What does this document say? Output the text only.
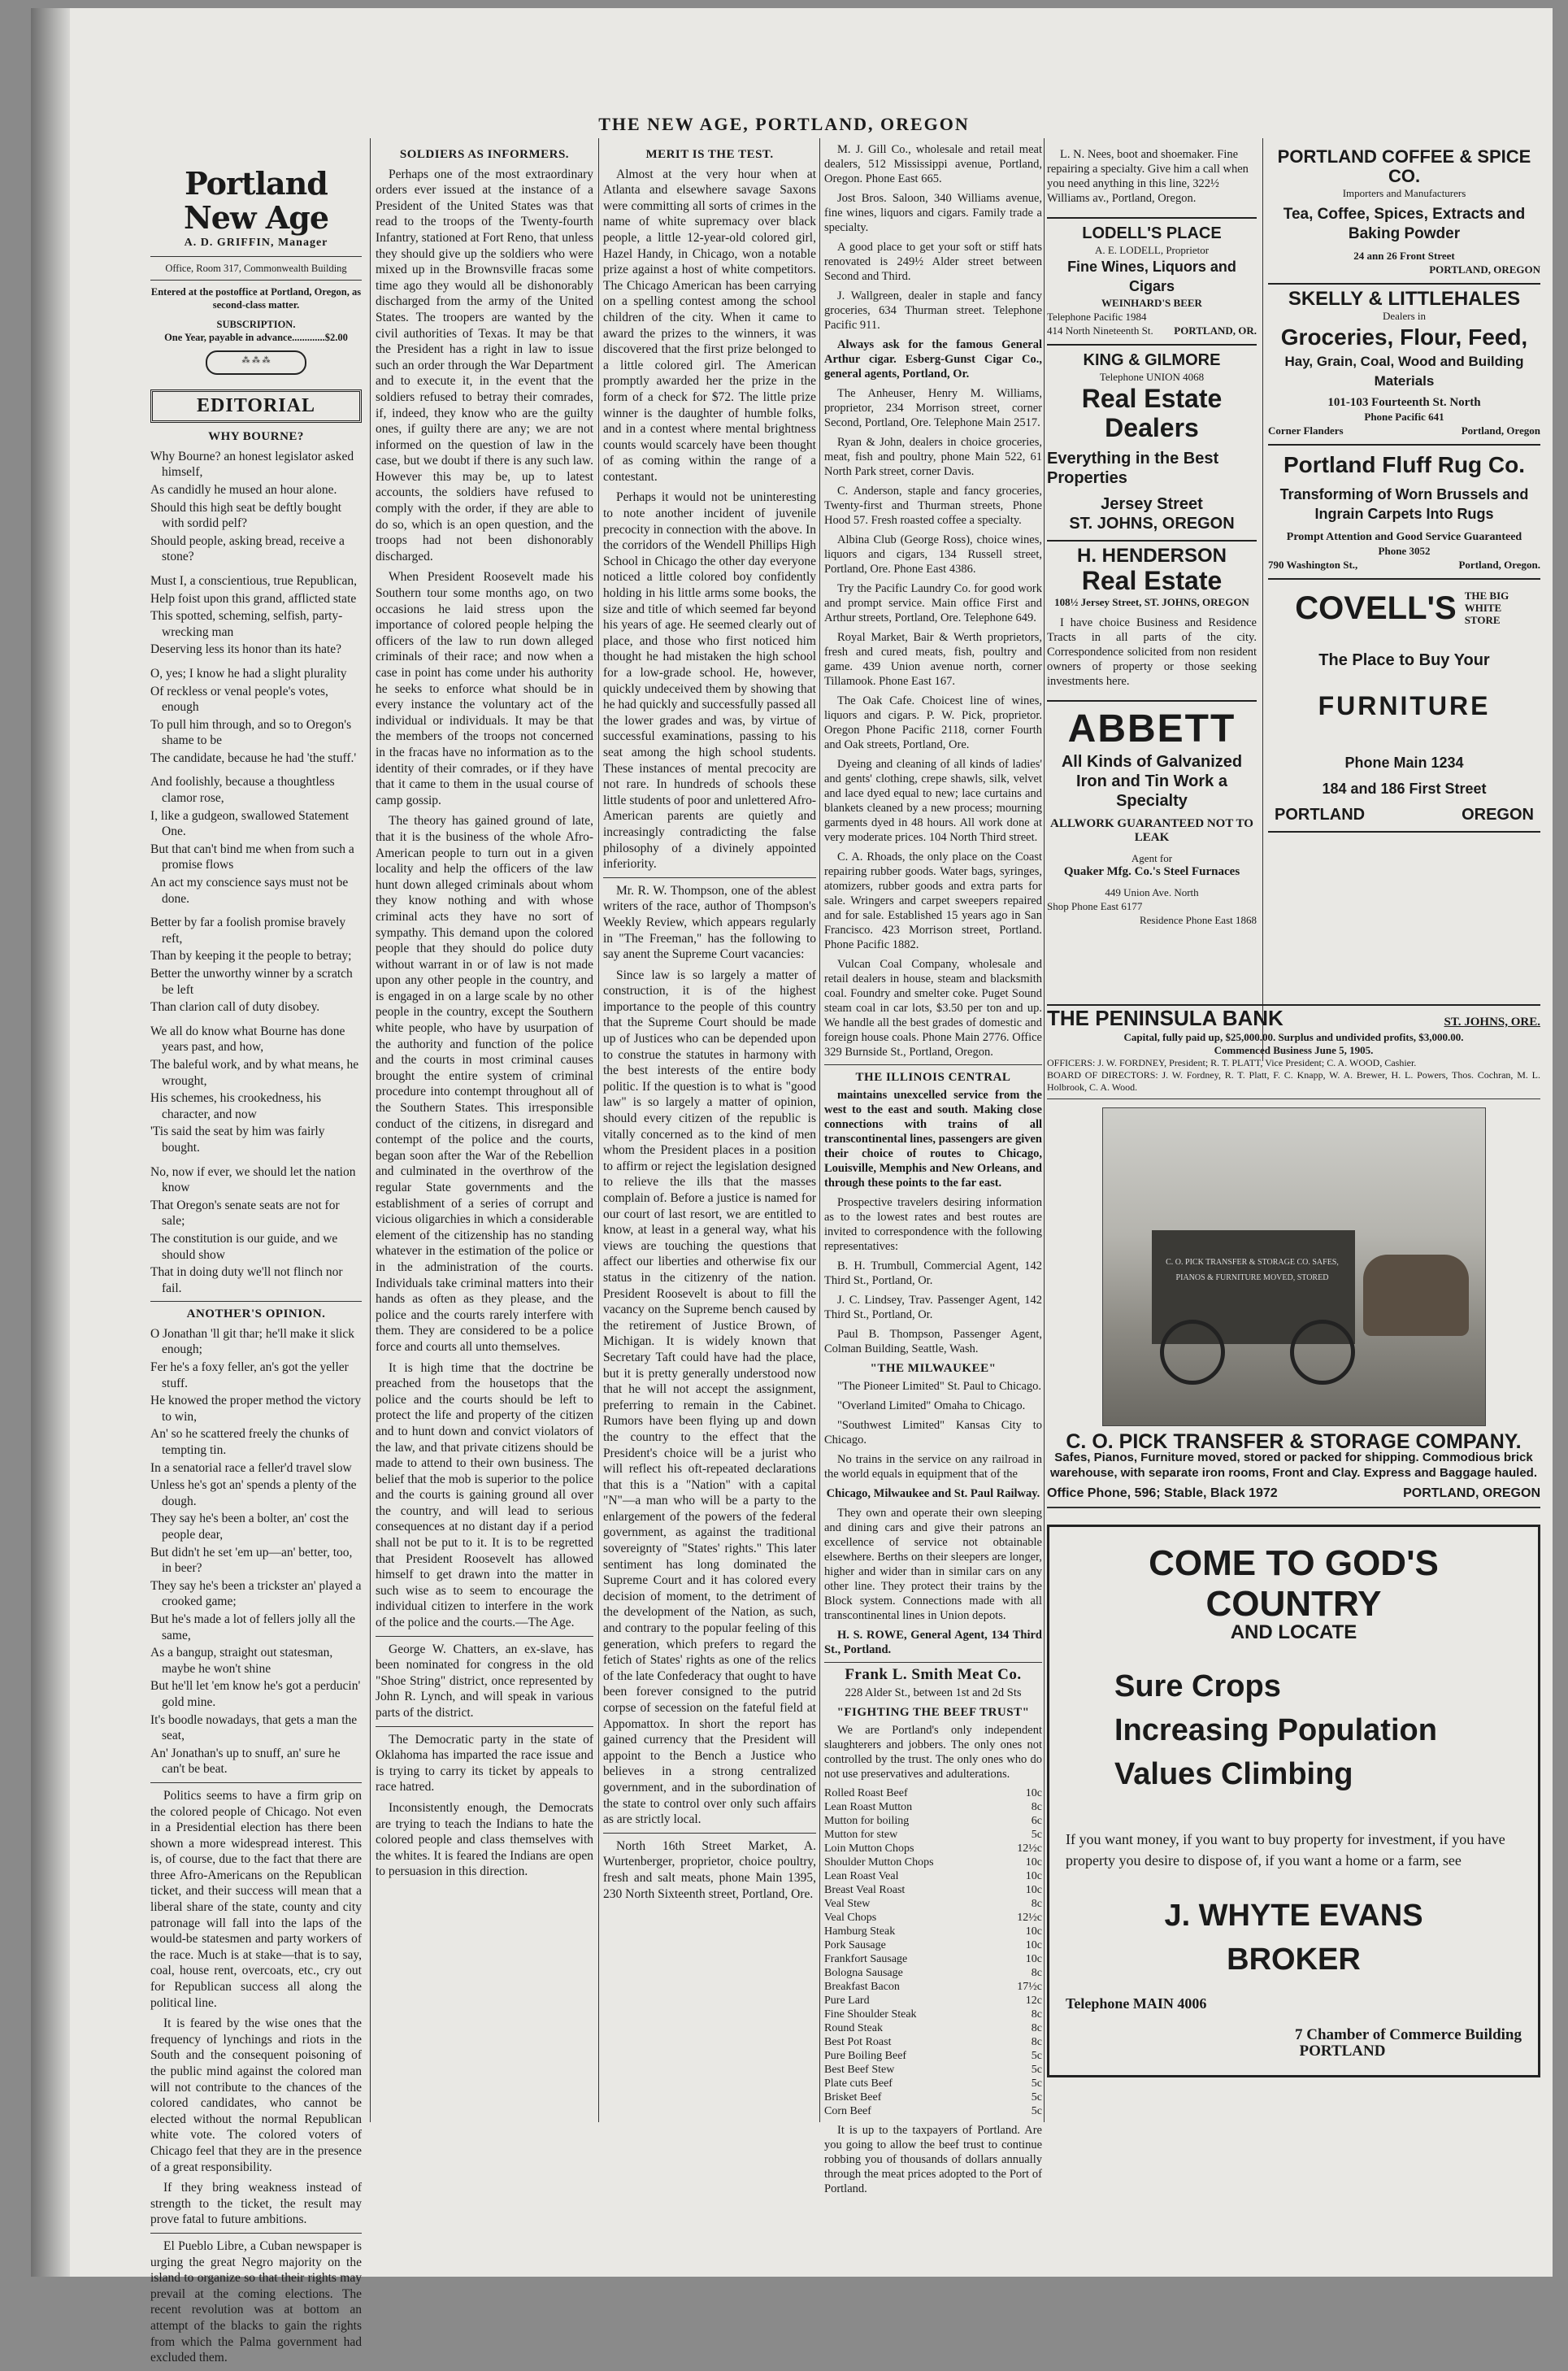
THE NEW AGE, PORTLAND, OREGON
Portland New Age
A. D. GRIFFIN, Manager
Office, Room 317, Commonwealth Building
Entered at the postoffice at Portland, Oregon, as second-class matter.
SUBSCRIPTION.
One Year, payable in advance.............$2.00
⁂ ⁂ ⁂
EDITORIAL
WHY BOURNE?

Why Bourne? an honest legislator asked himself,

As candidly he mused an hour alone.

Should this high seat be deftly bought with sordid pelf?

Should people, asking bread, receive a stone?

Must I, a conscientious, true Republican,

Help foist upon this grand, afflicted state

This spotted, scheming, selfish, party-wrecking man

Deserving less its honor than its hate?

O, yes; I know he had a slight plurality

Of reckless or venal people's votes, enough

To pull him through, and so to Oregon's shame to be

The candidate, because he had 'the stuff.'

And foolishly, because a thoughtless clamor rose,

I, like a gudgeon, swallowed Statement One.

But that can't bind me when from such a promise flows

An act my conscience says must not be done.

Better by far a foolish promise bravely reft,

Than by keeping it the people to betray;

Better the unworthy winner by a scratch be left

Than clarion call of duty disobey.

We all do know what Bourne has done years past, and how,

The baleful work, and by what means, he wrought,

His schemes, his crookedness, his character, and now

'Tis said the seat by him was fairly bought.

No, now if ever, we should let the nation know

That Oregon's senate seats are not for sale;

The constitution is our guide, and we should show

That in doing duty we'll not flinch nor fail.

ANOTHER'S OPINION.

O Jonathan 'll git thar; he'll make it slick enough;

Fer he's a foxy feller, an's got the yeller stuff.

He knowed the proper method the victory to win,

An' so he scattered freely the chunks of tempting tin.

In a senatorial race a feller'd travel slow

Unless he's got an' spends a plenty of the dough.

They say he's been a bolter, an' cost the people dear,

But didn't he set 'em up—an' better, too, in beer?

They say he's been a trickster an' played a crooked game;

But he's made a lot of fellers jolly all the same,

As a bangup, straight out statesman, maybe he won't shine

But he'll let 'em know he's got a perducin' gold mine.

It's boodle nowadays, that gets a man the seat,

An' Jonathan's up to snuff, an' sure he can't be beat.

Politics seems to have a firm grip on the colored people of Chicago. Not even in a Presidential election has there been shown a more widespread interest. This is, of course, due to the fact that there are three Afro-Americans on the Republican ticket, and their success will mean that a liberal share of the state, county and city patronage will fall into the laps of the would-be statesmen and party workers of the race. Much is at stake—that is to say, coal, house rent, overcoats, etc., cry out for Republican success all along the political line.

It is feared by the wise ones that the frequency of lynchings and riots in the South and the consequent poisoning of the public mind against the colored man will not contribute to the chances of the colored candidates, who cannot be elected without the normal Republican white vote. The colored voters of Chicago feel that they are in the presence of a great responsibility.

If they bring weakness instead of strength to the ticket, the result may prove fatal to future ambitions.

El Pueblo Libre, a Cuban newspaper is urging the great Negro majority on the island to organize so that their rights may prevail at the coming elections. The recent revolution was at bottom an attempt of the blacks to gain the rights from which the Palma government had excluded them.

SOLDIERS AS INFORMERS.

Perhaps one of the most extraordinary orders ever issued at the instance of a President of the United States was that read to the troops of the Twenty-fourth Infantry, stationed at Fort Reno, that unless they should give up the soldiers who were mixed up in the Brownsville fracas some time ago they would all be dishonorably discharged from the army of the United States. The troopers are wanted by the civil authorities of Texas. It may be that the President has a right in law to issue such an order through the War Department and to execute it, in the event that the soldiers refused to betray their comrades, if, indeed, they know who are the guilty ones, if guilty there are any; we are not informed on the question of law in the case, but we doubt if there is any such law. However this may be, up to latest accounts, the soldiers have refused to comply with the order, if they are able to do so, which is an open question, and the troops had not been dishonorably discharged.

When President Roosevelt made his Southern tour some months ago, on two occasions he laid stress upon the importance of colored people helping the officers of the law to run down alleged criminals of their race; and now when a case in point has come under his authority he seeks to enforce what should be in every instance the voluntary act of the individual or individuals. It may be that the members of the troops not concerned in the fracas have no information as to the identity of their comrades, or if they have that it came to them in the usual course of camp gossip.

The theory has gained ground of late, that it is the business of the whole Afro-American people to turn out in a given locality and help the officers of the law hunt down alleged criminals about whom they know nothing and with whose criminal acts they have no sort of sympathy. This demand upon the colored people that they should do police duty without warrant in or of law is not made upon any other people in the country, and is engaged in on a large scale by no other people in the country, except the Southern white people, who have by usurpation of the authority and function of the police and the courts in most criminal causes brought the entire system of criminal procedure into contempt throughout all of the Southern States. This irresponsible conduct of the citizens, in disregard and contempt of the police and the courts, began soon after the War of the Rebellion and culminated in the overthrow of the regular State governments and the establishment of a series of corrupt and vicious oligarchies in which a considerable element of the citizenship has no standing whatever in the estimation of the police or in the administration of the courts. Individuals take criminal matters into their hands as often as they please, and the police and the courts rarely interfere with them. They are considered to be a police force and courts all unto themselves.

It is high time that the doctrine be preached from the housetops that the police and the courts should be left to protect the life and property of the citizen and to hunt down and convict violators of the law, and that private citizens should be made to attend to their own business. The belief that the mob is superior to the police and the courts is gaining ground all over the country, and will lead to serious consequences at no distant day if a period shall not be put to it. It is to be regretted that President Roosevelt has allowed himself to get drawn into the matter in such wise as to seem to encourage the individual citizen to interfere in the work of the police and the courts.—The Age.

George W. Chatters, an ex-slave, has been nominated for congress in the old "Shoe String" district, once represented by John R. Lynch, and will speak in various parts of the district.

The Democratic party in the state of Oklahoma has imparted the race issue and is trying to carry its ticket by appeals to race hatred.

Inconsistently enough, the Democrats are trying to teach the Indians to hate the colored people and class themselves with the whites. It is feared the Indians are open to persuasion in this direction.

MERIT IS THE TEST.

Almost at the very hour when at Atlanta and elsewhere savage Saxons were committing all sorts of crimes in the name of white supremacy over black people, a little 12-year-old colored girl, Hazel Handy, in Chicago, won a notable prize against a host of white competitors. The Chicago American has been carrying on a spelling contest among the school children of the city. When it came to award the prizes to the winners, it was discovered that the first prize belonged to a little colored girl. The American promptly awarded her the prize in the form of a check for $72. The little prize winner is the daughter of humble folks, and in a contest where mental brightness counts would scarcely have been thought of as coming within the range of a contestant.

Perhaps it would not be uninteresting to note another incident of juvenile precocity in connection with the above. In the corridors of the Wendell Phillips High School in Chicago the other day everyone noticed a little colored boy confidently holding in his little arms some books, the size and title of which seemed far beyond his years of age. He seemed clearly out of place, and those who first noticed him thought he had mistaken the high school for a low-grade school. He, however, quickly undeceived them by showing that he had quickly and successfully passed all the lower grades and was, by virtue of successful examinations, passing to his seat among the high school students. These instances of mental precocity are not rare. In hundreds of schools these little students of poor and unlettered Afro-American parents are quietly and increasingly contradicting the false philosophy of a divinely appointed inferiority.

Mr. R. W. Thompson, one of the ablest writers of the race, author of Thompson's Weekly Review, which appears regularly in "The Freeman," has the following to say anent the Supreme Court vacancies:

Since law is so largely a matter of construction, it is of the highest importance to the people of this country that the Supreme Court should be made up of Justices who can be depended upon to construe the statutes in harmony with the best interests of the entire body politic. If the question is to what is "good law" is so largely a matter of opinion, should every citizen of the republic is vitally concerned as to the kind of men whom the President places in a position to affirm or reject the legislation designed to relieve the ills that the masses complain of. Before a justice is named for our court of last resort, we are entitled to know, at least in a general way, what his views are touching the questions that affect our liberties and otherwise fix our status in the citizenry of the nation. President Roosevelt is about to fill the vacancy on the Supreme bench caused by the retirement of Justice Brown, of Michigan. It is widely known that Secretary Taft could have had the place, but it is pretty generally understood now that he will not accept the assignment, preferring to remain in the Cabinet. Rumors have been flying up and down the country to the effect that the President's choice will be a jurist who will reflect his oft-repeated declarations that this is a "Nation" with a capital "N"—a man who will be a party to the enlargement of the powers of the federal government, as against the traditional sovereignty of "States' rights." This later sentiment has long dominated the Supreme Court and it has colored every decision of moment, to the detriment of the development of the Nation, as such, and contrary to the popular feeling of this generation, which prefers to regard the fetich of States' rights as one of the relics of the late Confederacy that ought to have been forever consigned to the putrid corpse of secession on the fateful field at Appomattox. In short the report has gained currency that the President will appoint to the Bench a Justice who believes in a strong centralized government, and in the subordination of the state to control over only such affairs as are strictly local.

North 16th Street Market, A. Wurtenberger, proprietor, choice poultry, fresh and salt meats, phone Main 1395, 230 North Sixteenth street, Portland, Ore.

M. J. Gill Co., wholesale and retail meat dealers, 512 Mississippi avenue, Portland, Oregon. Phone East 665.

Jost Bros. Saloon, 340 Williams avenue, fine wines, liquors and cigars. Family trade a specialty.

A good place to get your soft or stiff hats renovated is 249½ Alder street between Second and Third.

J. Wallgreen, dealer in staple and fancy groceries, 634 Thurman street. Telephone Pacific 911.

Always ask for the famous General Arthur cigar. Esberg-Gunst Cigar Co., general agents, Portland, Or.

The Anheuser, Henry M. Williams, proprietor, 234 Morrison street, corner Second, Portland, Ore. Telephone Main 2517.

Ryan & John, dealers in choice groceries, meat, fish and poultry, phone Main 522, 61 North Park street, corner Davis.

C. Anderson, staple and fancy groceries, Twenty-first and Thurman streets, Phone Hood 57. Fresh roasted coffee a specialty.

Albina Club (George Ross), choice wines, liquors and cigars, 134 Russell street, Portland, Ore. Phone East 4386.

Try the Pacific Laundry Co. for good work and prompt service. Main office First and Arthur streets, Portland, Ore. Telephone 649.

Royal Market, Bair & Werth proprietors, fresh and cured meats, fish, poultry and game. 439 Union avenue north, corner Tillamook. Phone East 167.

The Oak Cafe. Choicest line of wines, liquors and cigars. P. W. Pick, proprietor. Oregon Phone Pacific 2118, corner Fourth and Oak streets, Portland, Ore.

Dyeing and cleaning of all kinds of ladies' and gents' clothing, crepe shawls, silk, velvet and lace dyed equal to new; lace curtains and blankets cleaned by a new process; mourning garments dyed in 48 hours. All work done at very moderate prices. 104 North Third street.

C. A. Rhoads, the only place on the Coast repairing rubber goods. Water bags, syringes, atomizers, rubber goods and extra parts for sale. Wringers and carpet sweepers repaired and for sale. Established 15 years ago in San Francisco. 423 Morrison street, Portland. Phone Pacific 1882.

Vulcan Coal Company, wholesale and retail dealers in house, steam and blacksmith coal. Foundry and smelter coke. Puget Sound steam coal in car lots, $3.50 per ton and up. We handle all the best grades of domestic and foreign house coals. Phone Main 2776. Office 329 Burnside St., Portland, Oregon.

THE ILLINOIS CENTRAL

maintains unexcelled service from the west to the east and south. Making close connections with trains of all transcontinental lines, passengers are given their choice of routes to Chicago, Louisville, Memphis and New Orleans, and through these points to the far east.

Prospective travelers desiring information as to the lowest rates and best routes are invited to correspondence with the following representatives:

B. H. Trumbull, Commercial Agent, 142 Third St., Portland, Or.

J. C. Lindsey, Trav. Passenger Agent, 142 Third St., Portland, Or.

Paul B. Thompson, Passenger Agent, Colman Building, Seattle, Wash.

"THE MILWAUKEE"

"The Pioneer Limited" St. Paul to Chicago.

"Overland Limited" Omaha to Chicago.

"Southwest Limited" Kansas City to Chicago.

No trains in the service on any railroad in the world equals in equipment that of the

Chicago, Milwaukee and St. Paul Railway.

They own and operate their own sleeping and dining cars and give their patrons an excellence of service not obtainable elsewhere. Berths on their sleepers are longer, higher and wider than in similar cars on any other line. They protect their trains by the Block system. Connections made with all transcontinental lines in Union depots.

H. S. ROWE, General Agent, 134 Third St., Portland.

Frank L. Smith Meat Co.
228 Alder St., between 1st and 2d Sts
"FIGHTING THE BEEF TRUST"

We are Portland's only independent slaughterers and jobbers. The only ones not controlled by the trust. The only ones who do not use preservatives and adulterations.

Rolled Roast Beef	10c
Lean Roast Mutton	8c
Mutton for boiling	6c
Mutton for stew	5c
Loin Mutton Chops	12½c
Shoulder Mutton Chops	10c
Lean Roast Veal	10c
Breast Veal Roast	10c
Veal Stew	8c
Veal Chops	12½c
Hamburg Steak	10c
Pork Sausage	10c
Frankfort Sausage	10c
Bologna Sausage	8c
Breakfast Bacon	17½c
Pure Lard	12c
Fine Shoulder Steak	8c
Round Steak	8c
Best Pot Roast	8c
Pure Boiling Beef	5c
Best Beef Stew	5c
Plate cuts Beef	5c
Brisket Beef	5c
Corn Beef	5c

It is up to the taxpayers of Portland. Are you going to allow the beef trust to continue robbing you of thousands of dollars annually through the meat prices adopted to the Port of Portland.

L. N. Nees, boot and shoemaker. Fine repairing a specialty. Give him a call when you need anything in this line, 322½ Williams av., Portland, Oregon.

LODELL'S PLACE
A. E. LODELL, Proprietor
Fine Wines, Liquors and Cigars
WEINHARD'S BEER
Telephone Pacific 1984
414 North Nineteenth St. PORTLAND, OR.
KING & GILMORE
Telephone UNION 4068
Real Estate Dealers
Everything in the Best Properties
Jersey Street
ST. JOHNS, OREGON
H. HENDERSON
Real Estate
108½ Jersey Street, ST. JOHNS, OREGON

I have choice Business and Residence Tracts in all parts of the city. Correspondence solicited from non resident owners of property or those seeking investments here.

ABBETT
All Kinds of Galvanized Iron and Tin Work a Specialty
ALLWORK GUARANTEED NOT TO LEAK
Agent for
Quaker Mfg. Co.'s Steel Furnaces
449 Union Ave. North
Shop Phone East 6177
Residence Phone East 1868
PORTLAND COFFEE & SPICE CO.
Importers and Manufacturers
Tea, Coffee, Spices, Extracts and Baking Powder
24 ann 26 Front Street
PORTLAND, OREGON
SKELLY & LITTLEHALES
Dealers in
Groceries, Flour, Feed,
Hay, Grain, Coal, Wood and Building Materials
101-103 Fourteenth St. North
Phone Pacific 641
Corner Flanders	Portland, Oregon
Portland Fluff Rug Co.
Transforming of Worn Brussels and Ingrain Carpets Into Rugs
Prompt Attention and Good Service Guaranteed
Phone 3052
790 Washington St.,	Portland, Oregon.
COVELL'S THE BIG WHITE STORE
The Place to Buy Your
FURNITURE
Phone Main 1234
184 and 186 First Street
PORTLAND	OREGON
THE PENINSULA BANK	ST. JOHNS, ORE.
Capital, fully paid up, $25,000.00. Surplus and undivided profits, $3,000.00.
Commenced Business June 5, 1905.
OFFICERS: J. W. FORDNEY, President; R. T. PLATT, Vice President; C. A. WOOD, Cashier.
BOARD OF DIRECTORS: J. W. Fordney, R. T. Platt, F. C. Knapp, W. A. Brewer, H. L. Powers, Thos. Cochran, M. L. Holbrook, C. A. Wood.
C. O. PICK TRANSFER & STORAGE CO. SAFES, PIANOS & FURNITURE MOVED, STORED
C. O. PICK TRANSFER & STORAGE COMPANY.
Safes, Pianos, Furniture moved, stored or packed for shipping. Commodious brick warehouse, with separate iron rooms, Front and Clay. Express and Baggage hauled.
Office Phone, 596; Stable, Black 1972	PORTLAND, OREGON
COME TO GOD'S COUNTRY
AND LOCATE
Sure Crops
Increasing Population
Values Climbing
If you want money, if you want to buy property for investment, if you have property you desire to dispose of, if you want a home or a farm, see
J. WHYTE EVANS
BROKER
Telephone MAIN 4006
7 Chamber of Commerce Building
PORTLAND
